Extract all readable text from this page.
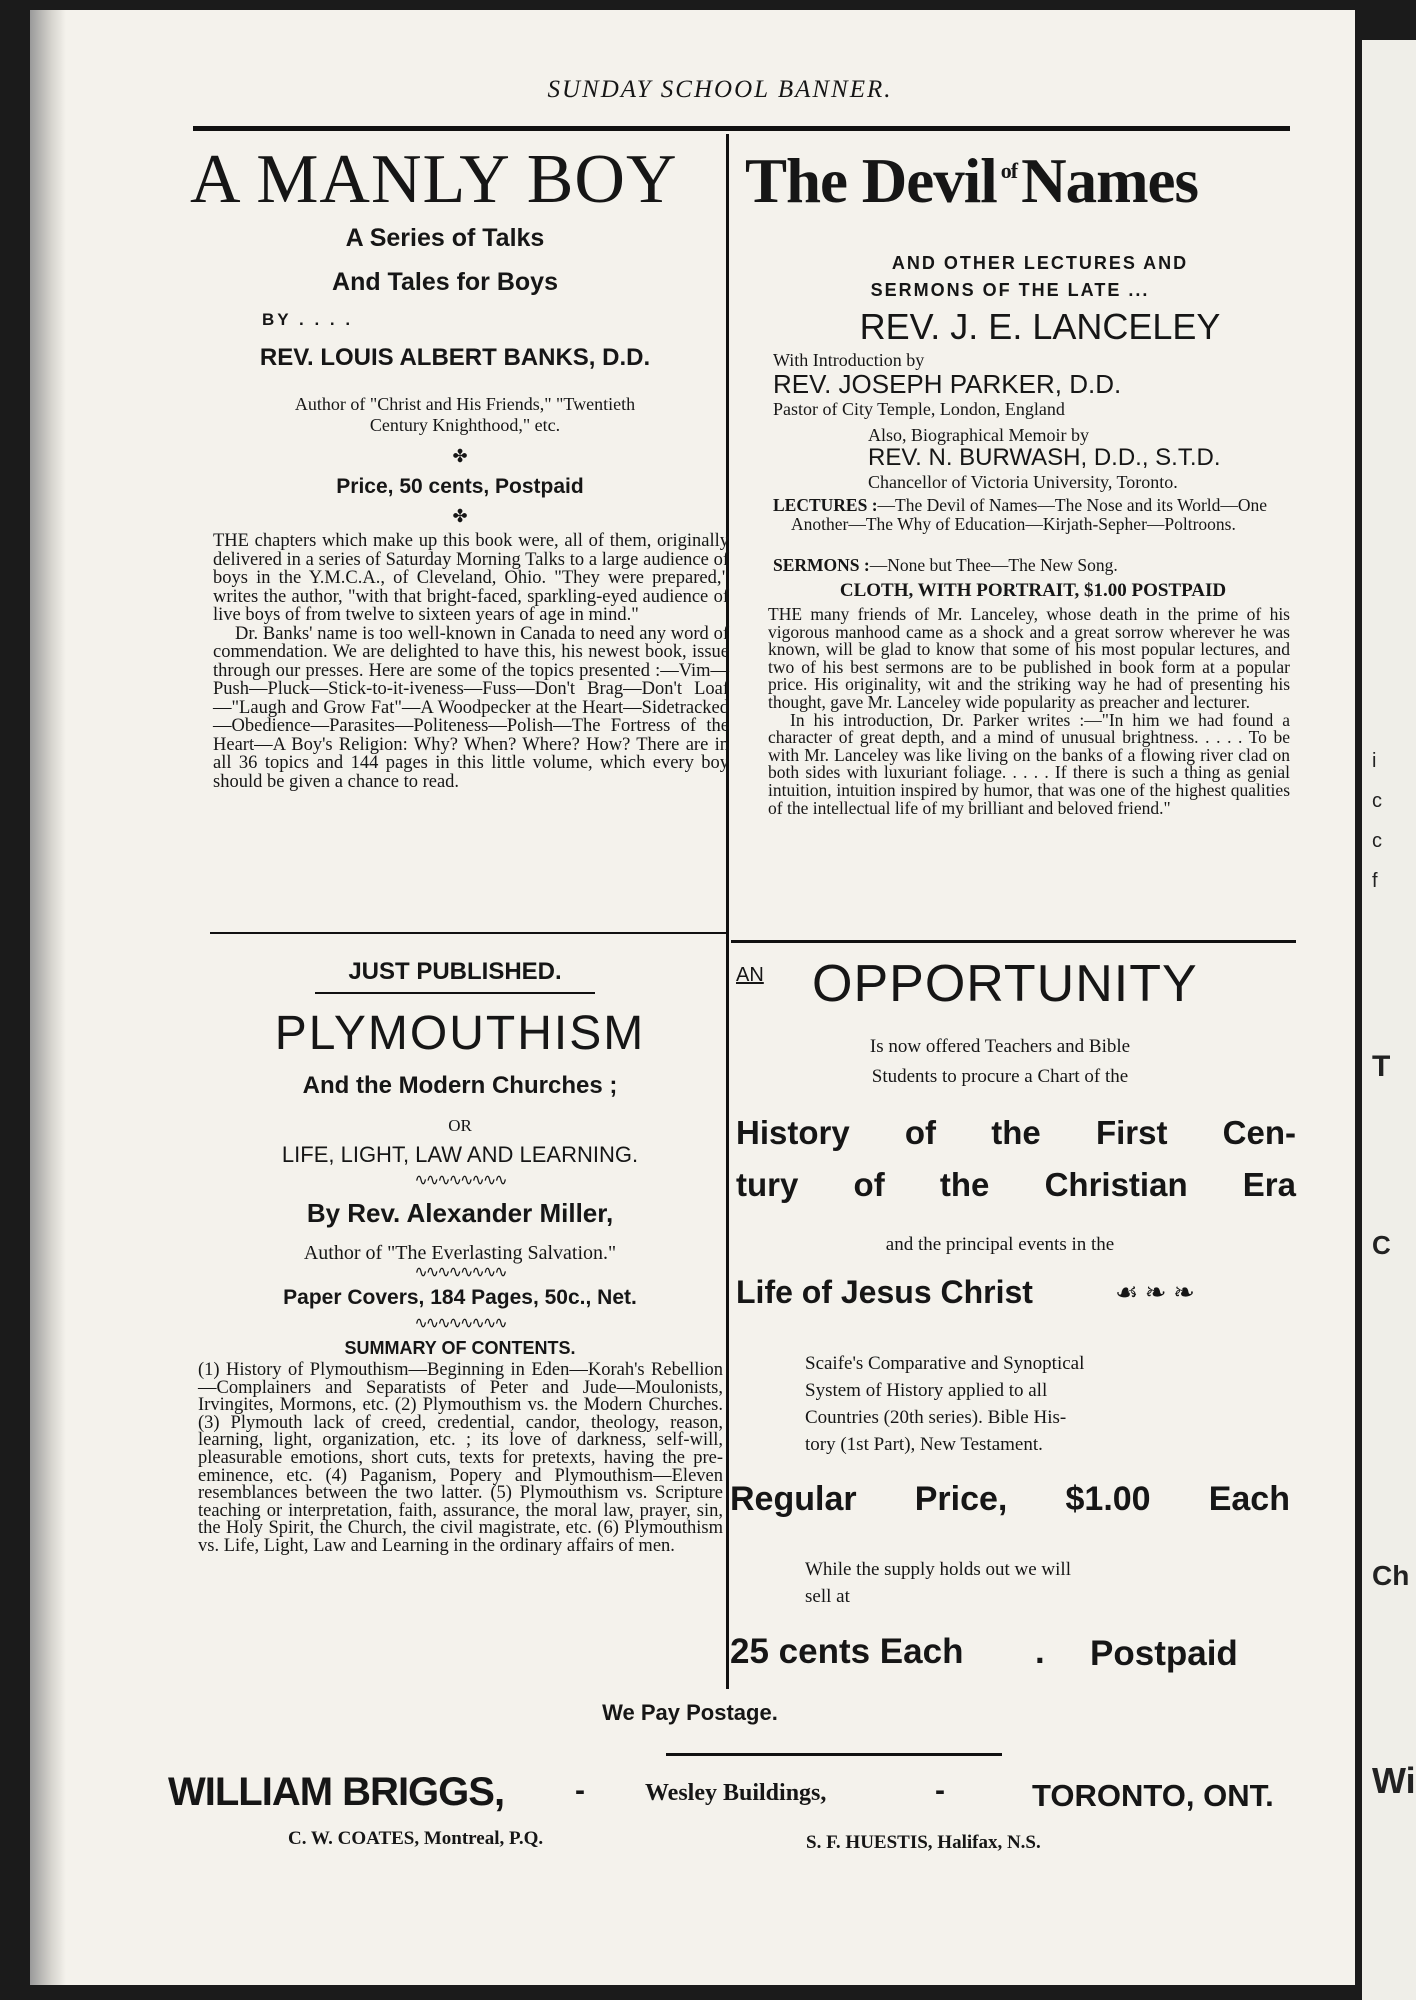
SUNDAY SCHOOL BANNER.
A MANLY BOY
A Series of Talks
And Tales for Boys
BY . . . .
REV. LOUIS ALBERT BANKS, D.D.
Author of "Christ and His Friends," "Twentieth
Century Knighthood," etc.
✤
Price, 50 cents, Postpaid
✤
THE chapters which make up this book were, all of them, originally delivered in a series of Saturday Morning Talks to a large audience of boys in the Y.M.C.A., of Cleveland, Ohio. "They were prepared," writes the author, "with that bright-faced, sparkling-eyed audience of live boys of from twelve to sixteen years of age in mind."
Dr. Banks' name is too well-known in Canada to need any word of commendation. We are delighted to have this, his newest book, issue through our presses. Here are some of the topics presented :—Vim—Push—Pluck—Stick-to-it-iveness—Fuss—Don't Brag—Don't Loaf—"Laugh and Grow Fat"—A Woodpecker at the Heart—Sidetracked—Obedience—Parasites—Politeness—Polish—The Fortress of the Heart—A Boy's Religion: Why? When? Where? How? There are in all 36 topics and 144 pages in this little volume, which every boy should be given a chance to read.
The Devil $^{of}$Names
AND OTHER LECTURES AND
SERMONS OF THE LATE ...
REV. J. E. LANCELEY
With Introduction by
REV. JOSEPH PARKER, D.D.
Pastor of City Temple, London, England
Also, Biographical Memoir by
REV. N. BURWASH, D.D., S.T.D.
Chancellor of Victoria University, Toronto.
LECTURES :—The Devil of Names—The Nose and its World—One Another—The Why of Education—Kirjath-Sepher—Poltroons.
SERMONS :—None but Thee—The New Song.
CLOTH, WITH PORTRAIT, $1.00 POSTPAID
THE many friends of Mr. Lanceley, whose death in the prime of his vigorous manhood came as a shock and a great sorrow wherever he was known, will be glad to know that some of his most popular lectures, and two of his best sermons are to be published in book form at a popular price. His originality, wit and the striking way he had of presenting his thought, gave Mr. Lanceley wide popularity as preacher and lecturer.
In his introduction, Dr. Parker writes :—"In him we had found a character of great depth, and a mind of unusual brightness. . . . . To be with Mr. Lanceley was like living on the banks of a flowing river clad on both sides with luxuriant foliage. . . . . If there is such a thing as genial intuition, intuition inspired by humor, that was one of the highest qualities of the intellectual life of my brilliant and beloved friend."
JUST PUBLISHED.
PLYMOUTHISM
And the Modern Churches ;
OR
LIFE, LIGHT, LAW AND LEARNING.
∿∿∿∿∿∿∿∿
By Rev. Alexander Miller,
Author of "The Everlasting Salvation."
∿∿∿∿∿∿∿∿
Paper Covers, 184 Pages, 50c., Net.
∿∿∿∿∿∿∿∿
SUMMARY OF CONTENTS.
(1) History of Plymouthism—Beginning in Eden—Korah's Rebellion—Complainers and Separatists of Peter and Jude—Moulonists, Irvingites, Mormons, etc. (2) Plymouthism vs. the Modern Churches. (3) Plymouth lack of creed, credential, candor, theology, reason, learning, light, organization, etc. ; its love of darkness, self-will, pleasurable emotions, short cuts, texts for pretexts, having the pre-eminence, etc. (4) Paganism, Popery and Plymouthism—Eleven resemblances between the two latter. (5) Plymouthism vs. Scripture teaching or interpretation, faith, assurance, the moral law, prayer, sin, the Holy Spirit, the Church, the civil magistrate, etc. (6) Plymouthism vs. Life, Light, Law and Learning in the ordinary affairs of men.
AN OPPORTUNITY
Is now offered Teachers and Bible
Students to procure a Chart of the
History of the First Cen-
tury of the Christian Era
and the principal events in the
Life of Jesus Christ	☙ ❧ ❧
Scaife's Comparative and Synoptical
System of History applied to all
Countries (20th series). Bible His-
tory (1st Part), New Testament.
Regular Price, $1.00 Each
While the supply holds out we will
sell at
25 cents Each . Postpaid
We Pay Postage.
WILLIAM BRIGGS, -	Wesley Buildings,	-	TORONTO, ONT.
C. W. COATES, Montreal, P.Q.	S. F. HUESTIS, Halifax, N.S.
i
c
c
f
T
C
Ch
Wi
